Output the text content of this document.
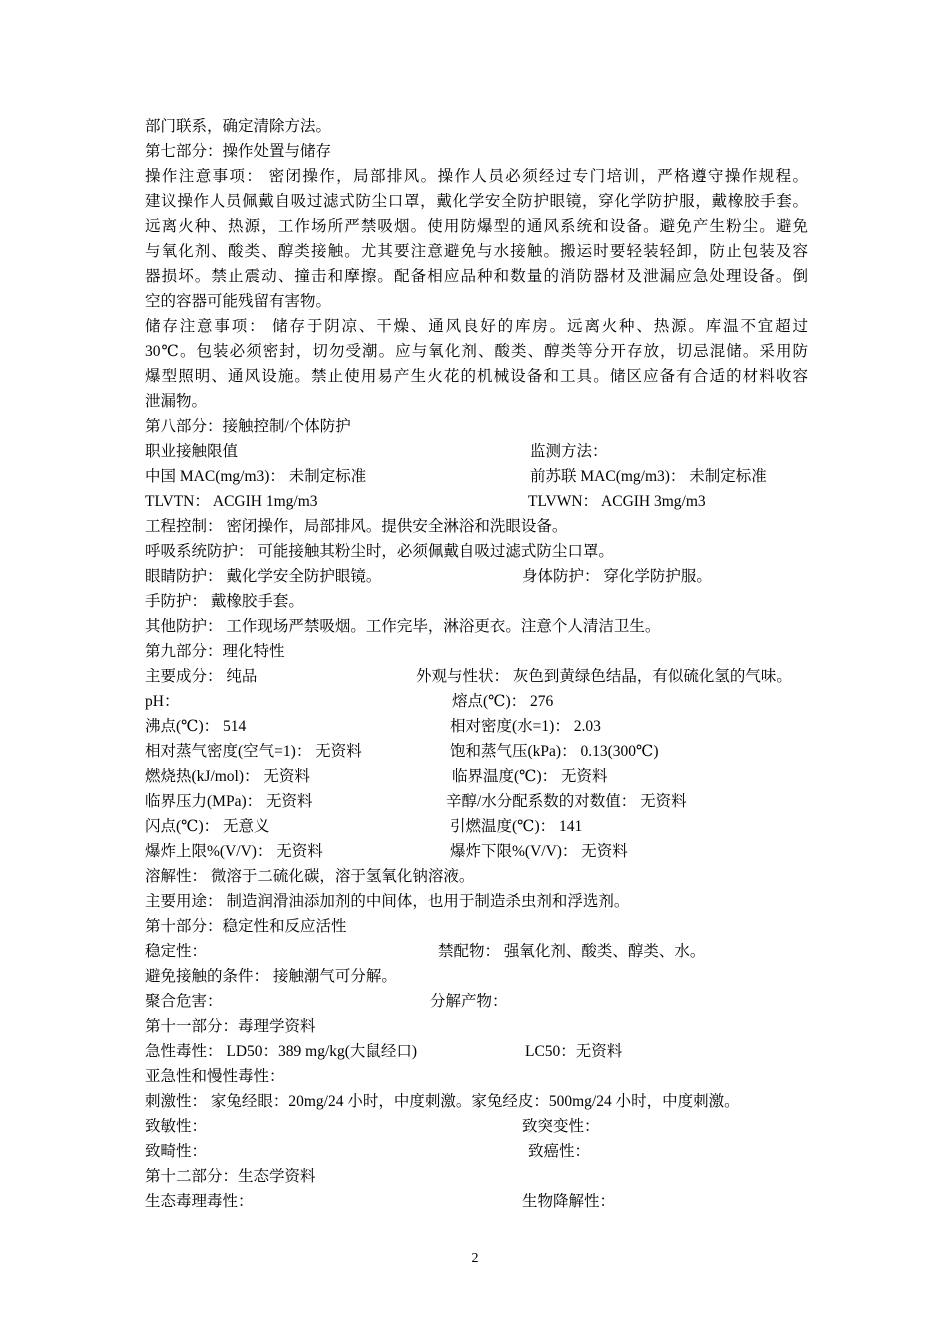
部门联系，确定清除方法。
第七部分：操作处置与储存
操作注意事项： 密闭操作，局部排风。操作人员必须经过专门培训，严格遵守操作规程。
建议操作人员佩戴自吸过滤式防尘口罩，戴化学安全防护眼镜，穿化学防护服，戴橡胶手套。
远离火种、热源，工作场所严禁吸烟。使用防爆型的通风系统和设备。避免产生粉尘。避免
与氧化剂、酸类、醇类接触。尤其要注意避免与水接触。搬运时要轻装轻卸，防止包装及容
器损坏。禁止震动、撞击和摩擦。配备相应品种和数量的消防器材及泄漏应急处理设备。倒
空的容器可能残留有害物。
储存注意事项： 储存于阴凉、干燥、通风良好的库房。远离火种、热源。库温不宜超过
30℃。包装必须密封，切勿受潮。应与氧化剂、酸类、醇类等分开存放，切忌混储。采用防
爆型照明、通风设施。禁止使用易产生火花的机械设备和工具。储区应备有合适的材料收容
泄漏物。
第八部分：接触控制/个体防护
职业接触限值	监测方法：
中国 MAC(mg/m3)： 未制定标准	前苏联 MAC(mg/m3)： 未制定标准
TLVTN： ACGIH 1mg/m3	TLVWN： ACGIH 3mg/m3
工程控制： 密闭操作，局部排风。提供安全淋浴和洗眼设备。
呼吸系统防护： 可能接触其粉尘时，必须佩戴自吸过滤式防尘口罩。
眼睛防护： 戴化学安全防护眼镜。	身体防护： 穿化学防护服。
手防护： 戴橡胶手套。
其他防护： 工作现场严禁吸烟。工作完毕，淋浴更衣。注意个人清洁卫生。
第九部分：理化特性
主要成分： 纯品	外观与性状： 灰色到黄绿色结晶，有似硫化氢的气味。
pH：	熔点(℃)： 276
沸点(℃)： 514	相对密度(水=1)： 2.03
相对蒸气密度(空气=1)： 无资料	饱和蒸气压(kPa)： 0.13(300℃)
燃烧热(kJ/mol)： 无资料	临界温度(℃)： 无资料
临界压力(MPa)： 无资料	辛醇/水分配系数的对数值： 无资料
闪点(℃)： 无意义	引燃温度(℃)： 141
爆炸上限%(V/V)： 无资料	爆炸下限%(V/V)： 无资料
溶解性： 微溶于二硫化碳，溶于氢氧化钠溶液。
主要用途： 制造润滑油添加剂的中间体，也用于制造杀虫剂和浮选剂。
第十部分：稳定性和反应活性
稳定性：	禁配物： 强氧化剂、酸类、醇类、水。
避免接触的条件： 接触潮气可分解。
聚合危害：	分解产物：
第十一部分：毒理学资料
急性毒性： LD50：389 mg/kg(大鼠经口)	LC50：无资料
亚急性和慢性毒性：
刺激性： 家兔经眼：20mg/24 小时，中度刺激。家兔经皮：500mg/24 小时，中度刺激。
致敏性：	致突变性：
致畸性：	致癌性：
第十二部分：生态学资料
生态毒理毒性：	生物降解性：
2
